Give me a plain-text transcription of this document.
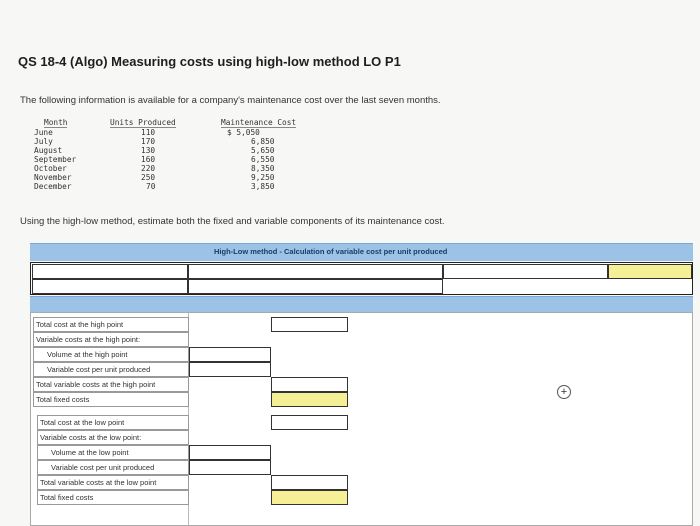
QS 18-4 (Algo) Measuring costs using high-low method LO P1
The following information is available for a company's maintenance cost over the last seven months.
Month	Units Produced	Maintenance Cost
June	110	$ 5,050
July	170	6,850
August	130	5,650
September	160	6,550
October	220	8,350
November	250	9,250
December	70	3,850
Using the high-low method, estimate both the fixed and variable components of its maintenance cost.
High-Low method - Calculation of variable cost per unit produced
Total cost at the high point
Variable costs at the high point:
Volume at the high point
Variable cost per unit produced
Total variable costs at the high point
Total fixed costs
Total cost at the low point
Variable costs at the low point:
Volume at the low point
Variable cost per unit produced
Total variable costs at the low point
Total fixed costs
+
